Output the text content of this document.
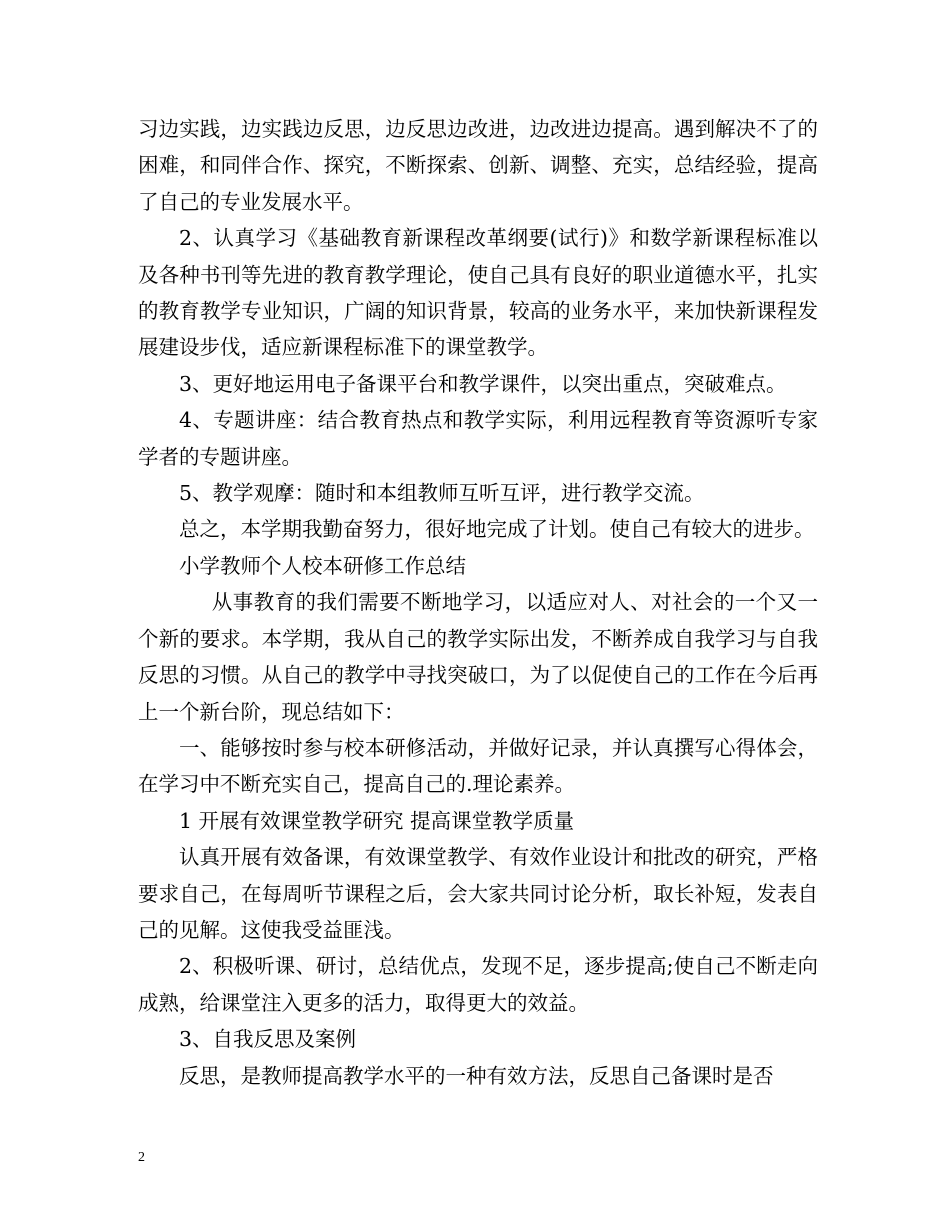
习边实践，边实践边反思，边反思边改进，边改进边提高。遇到解决不了的困难，和同伴合作、探究，不断探索、创新、调整、充实，总结经验，提高了自己的专业发展水平。

2、认真学习《基础教育新课程改革纲要(试行)》和数学新课程标准以及各种书刊等先进的教育教学理论，使自己具有良好的职业道德水平，扎实的教育教学专业知识，广阔的知识背景，较高的业务水平，来加快新课程发展建设步伐，适应新课程标准下的课堂教学。

3、更好地运用电子备课平台和教学课件，以突出重点，突破难点。

4、专题讲座：结合教育热点和教学实际，利用远程教育等资源听专家学者的专题讲座。

5、教学观摩：随时和本组教师互听互评，进行教学交流。

总之，本学期我勤奋努力，很好地完成了计划。使自己有较大的进步。

小学教师个人校本研修工作总结

从事教育的我们需要不断地学习，以适应对人、对社会的一个又一个新的要求。本学期，我从自己的教学实际出发，不断养成自我学习与自我反思的习惯。从自己的教学中寻找突破口，为了以促使自己的工作在今后再上一个新台阶，现总结如下：

一、能够按时参与校本研修活动，并做好记录，并认真撰写心得体会，在学习中不断充实自己，提高自己的.理论素养。

1 开展有效课堂教学研究 提高课堂教学质量

认真开展有效备课，有效课堂教学、有效作业设计和批改的研究，严格要求自己，在每周听节课程之后，会大家共同讨论分析，取长补短，发表自己的见解。这使我受益匪浅。

2、积极听课、研讨，总结优点，发现不足，逐步提高;使自己不断走向成熟，给课堂注入更多的活力，取得更大的效益。

3、自我反思及案例

反思，是教师提高教学水平的一种有效方法，反思自己备课时是否

2
